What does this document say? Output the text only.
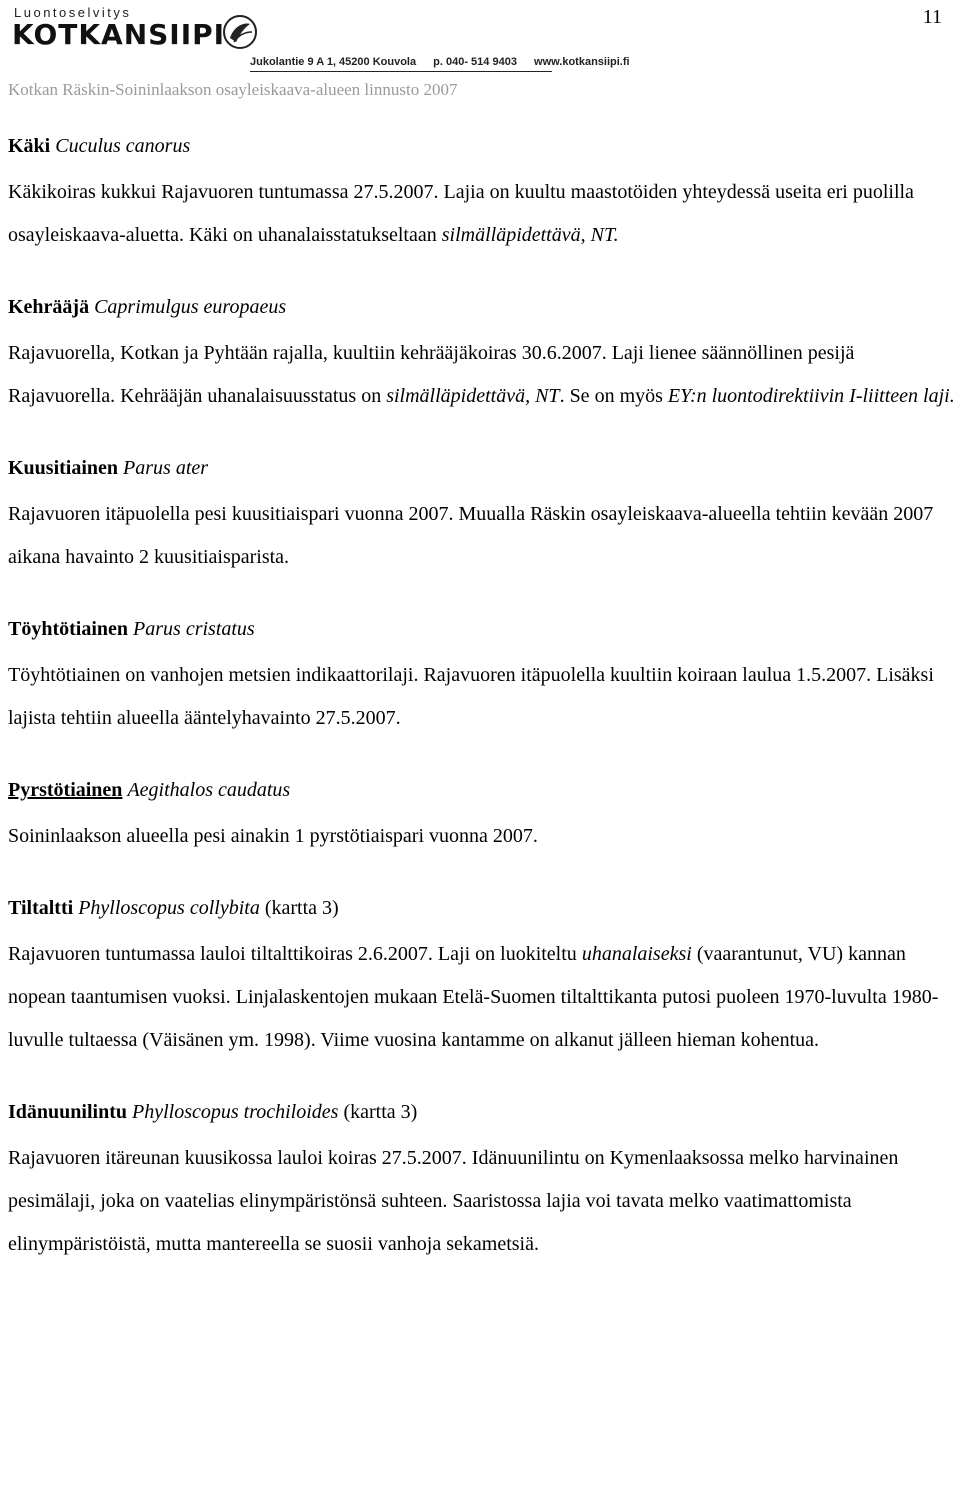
Luontoselvitys
KOTKANSIIPI
Jukolantie 9 A 1, 45200 Kouvola p. 040- 514 9403 www.kotkansiipi.fi
11
Kotkan Räskin-Soininlaakson osayleiskaava-alueen linnusto 2007
Käki Cuculus canorus

Käkikoiras kukkui Rajavuoren tuntumassa 27.5.2007. Lajia on kuultu maastotöiden yhteydessä useita eri puolilla osayleiskaava-aluetta. Käki on uhanalaisstatukseltaan silmälläpidettävä, NT.

Kehrääjä Caprimulgus europaeus

Rajavuorella, Kotkan ja Pyhtään rajalla, kuultiin kehrääjäkoiras 30.6.2007. Laji lienee säännöllinen pesijä Rajavuorella. Kehrääjän uhanalaisuusstatus on silmälläpidettävä, NT. Se on myös EY:n luontodirektiivin I-liitteen laji.

Kuusitiainen Parus ater

Rajavuoren itäpuolella pesi kuusitiaispari vuonna 2007. Muualla Räskin osayleiskaava-alueella tehtiin kevään 2007 aikana havainto 2 kuusitiaisparista.

Töyhtötiainen Parus cristatus

Töyhtötiainen on vanhojen metsien indikaattorilaji. Rajavuoren itäpuolella kuultiin koiraan laulua 1.5.2007. Lisäksi lajista tehtiin alueella ääntelyhavainto 27.5.2007.

Pyrstötiainen Aegithalos caudatus

Soininlaakson alueella pesi ainakin 1 pyrstötiaispari vuonna 2007.

Tiltaltti Phylloscopus collybita (kartta 3)

Rajavuoren tuntumassa lauloi tiltalttikoiras 2.6.2007. Laji on luokiteltu uhanalaiseksi (vaarantunut, VU) kannan nopean taantumisen vuoksi. Linjalaskentojen mukaan Etelä-Suomen tiltalttikanta putosi puoleen 1970-luvulta 1980-luvulle tultaessa (Väisänen ym. 1998). Viime vuosina kantamme on alkanut jälleen hieman kohentua.

Idänuunilintu Phylloscopus trochiloides (kartta 3)

Rajavuoren itäreunan kuusikossa lauloi koiras 27.5.2007. Idänuunilintu on Kymenlaaksossa melko harvinainen pesimälaji, joka on vaatelias elinympäristönsä suhteen. Saaristossa lajia voi tavata melko vaatimattomista elinympäristöistä, mutta mantereella se suosii vanhoja sekametsiä.
